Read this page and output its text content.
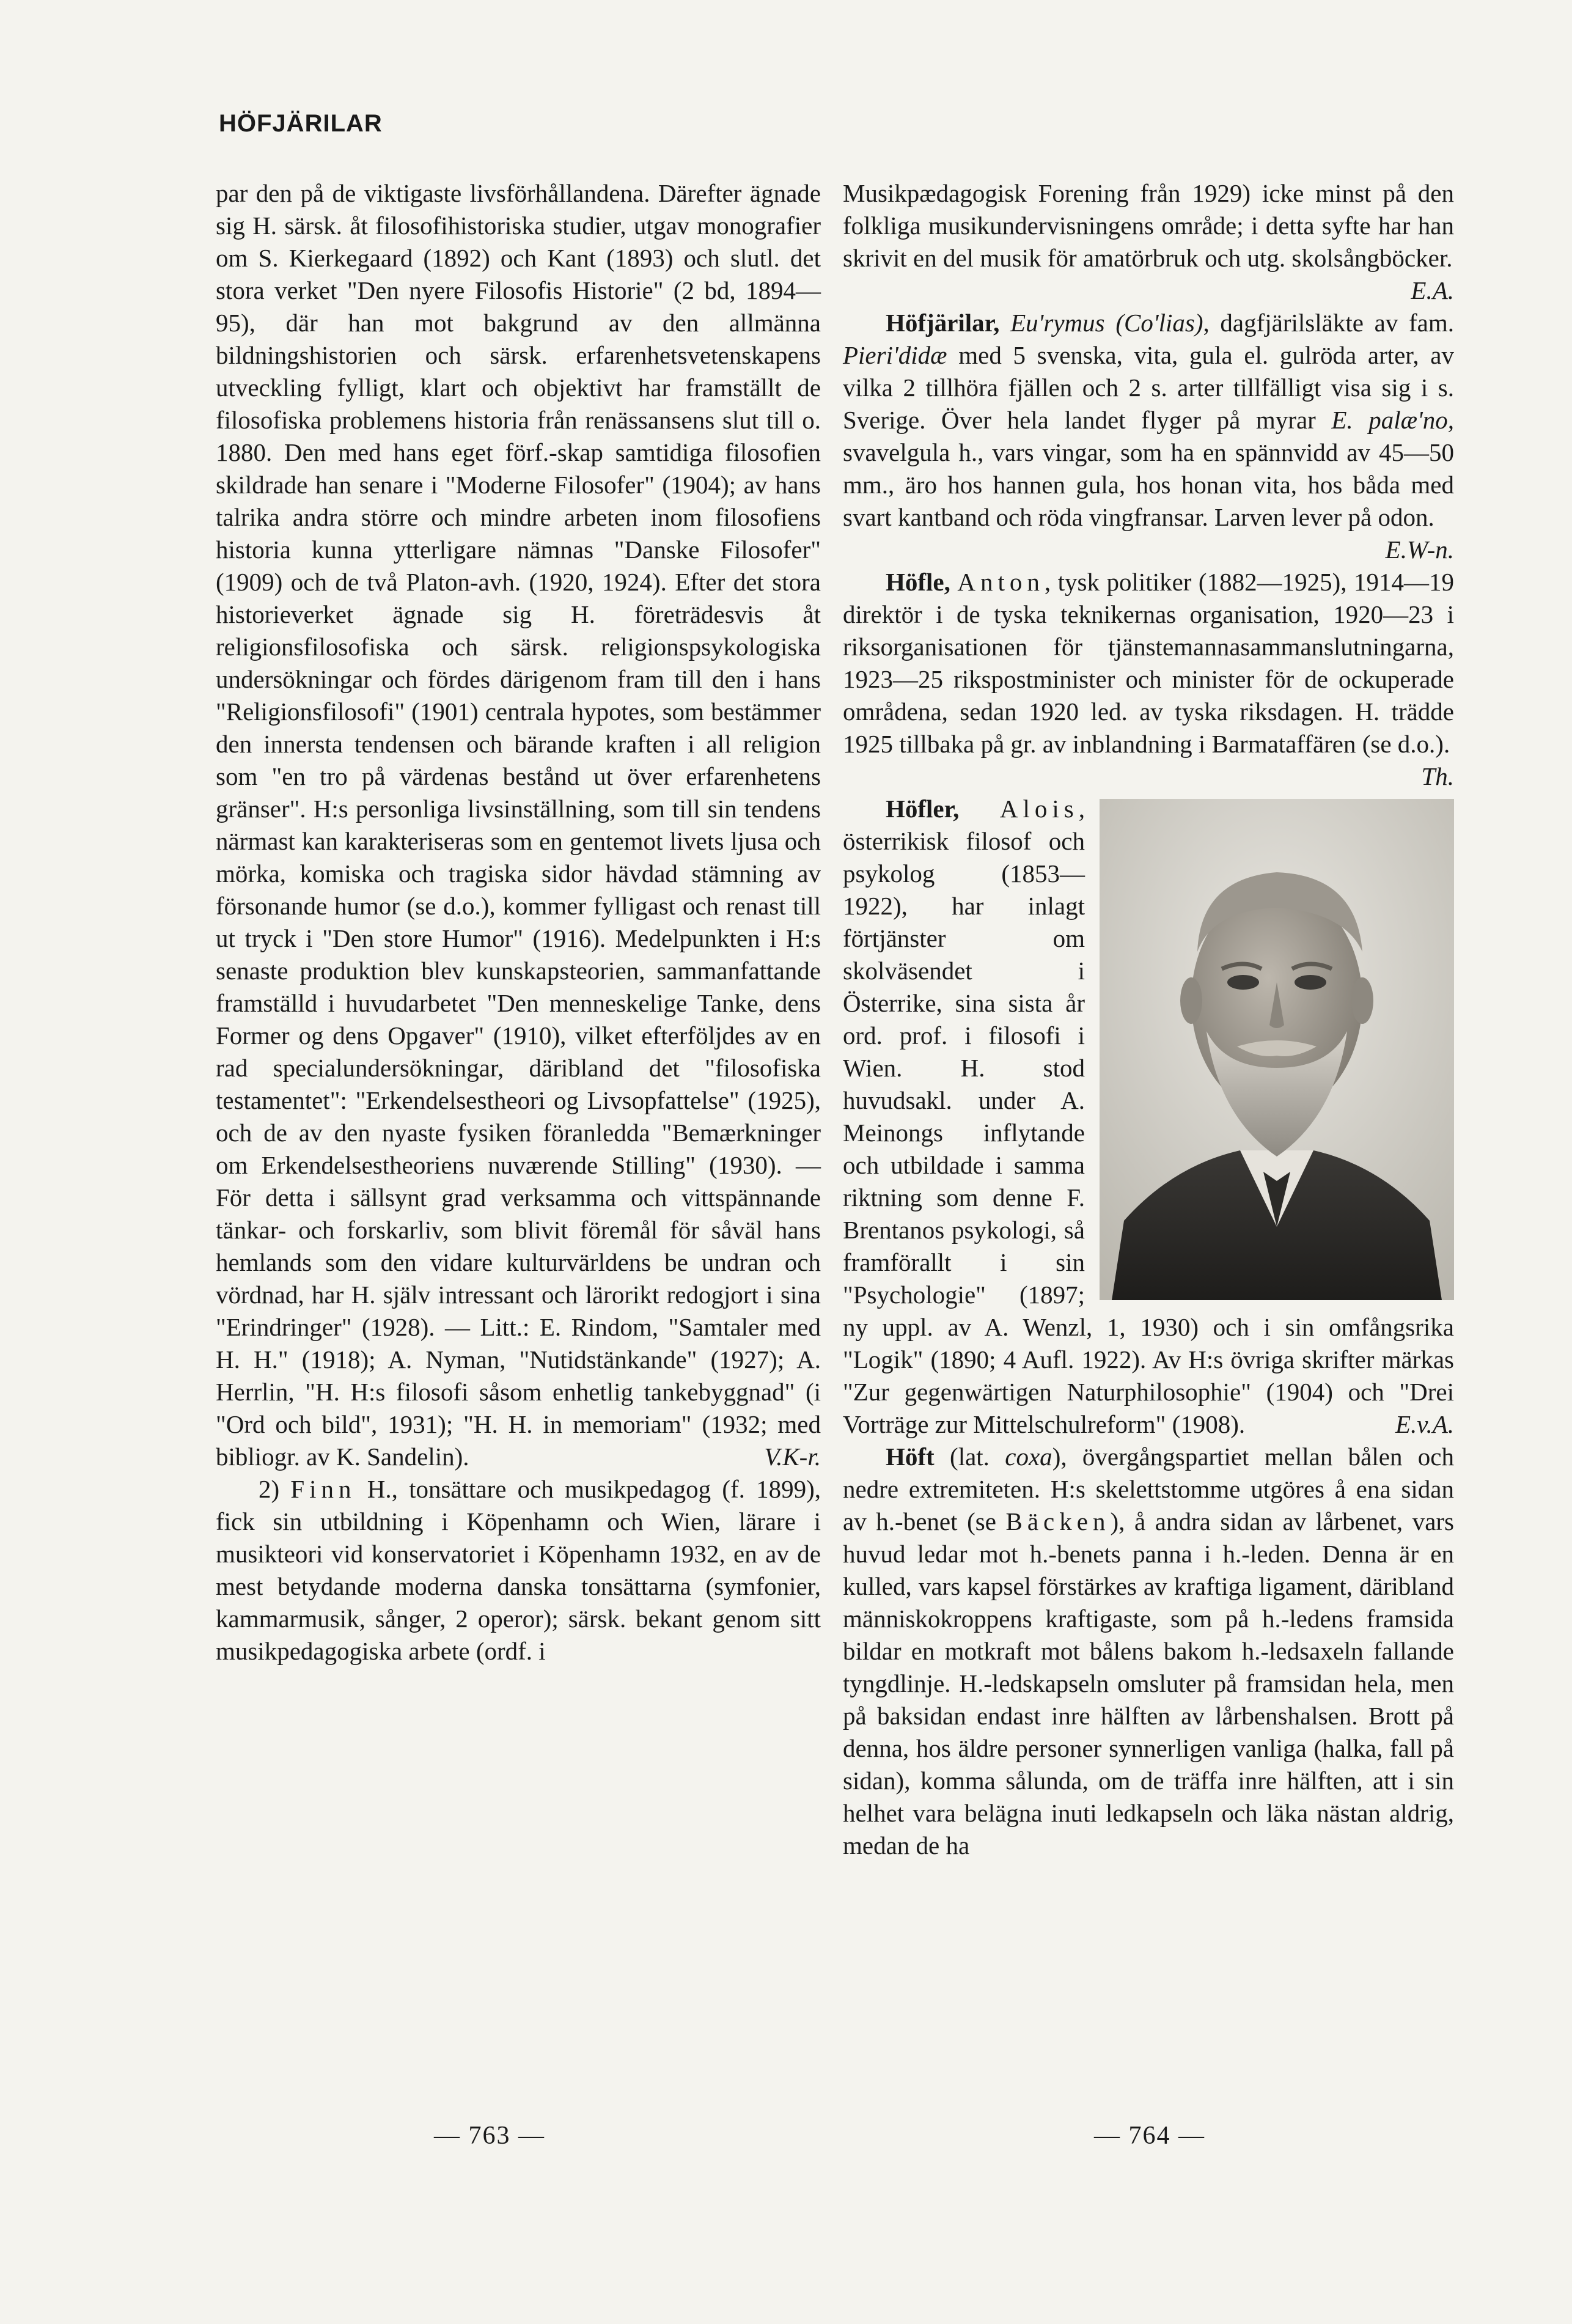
HÖFJÄRILAR

par den på de viktigaste livsförhållandena. Därefter ägnade sig H. särsk. åt filosofihistoriska studier, utgav monografier om S. Kierkegaard (1892) och Kant (1893) och slutl. det stora verket "Den nyere Filosofis Historie" (2 bd, 1894—95), där han mot bakgrund av den allmänna bildningshistorien och särsk. erfarenhetsvetenskapens utveckling fylligt, klart och objektivt har framställt de filosofiska problemens historia från renässansens slut till o. 1880. Den med hans eget förf.-skap samtidiga filosofien skildrade han senare i "Moderne Filosofer" (1904); av hans talrika andra större och mindre arbeten inom filosofiens historia kunna ytterligare nämnas "Danske Filosofer" (1909) och de två Platon-avh. (1920, 1924). Efter det stora historieverket ägnade sig H. företrädesvis åt religionsfilosofiska och särsk. religionspsykologiska undersökningar och fördes därigenom fram till den i hans "Religionsfilosofi" (1901) centrala hypotes, som bestämmer den innersta tendensen och bärande kraften i all religion som "en tro på värdenas bestånd ut över erfarenhetens gränser". H:s personliga livsinställning, som till sin tendens närmast kan karakteriseras som en gentemot livets ljusa och mörka, komiska och tragiska sidor hävdad stämning av försonande humor (se d.o.), kommer fylligast och renast till ut tryck i "Den store Humor" (1916). Medelpunkten i H:s senaste produktion blev kunskapsteorien, sammanfattande framställd i huvudarbetet "Den menneskelige Tanke, dens Former og dens Opgaver" (1910), vilket efterföljdes av en rad specialundersökningar, däribland det "filosofiska testamentet": "Erkendelsestheori og Livsopfattelse" (1925), och de av den nyaste fysiken föranledda "Bemærkninger om Erkendelsestheoriens nuværende Stilling" (1930). — För detta i sällsynt grad verksamma och vittspännande tänkar- och forskarliv, som blivit föremål för såväl hans hemlands som den vidare kulturvärldens be undran och vördnad, har H. själv intressant och lärorikt redogjort i sina "Erindringer" (1928). — Litt.: E. Rindom, "Samtaler med H. H." (1918); A. Nyman, "Nutidstänkande" (1927); A. Herrlin, "H. H:s filosofi såsom enhetlig tankebyggnad" (i "Ord och bild", 1931); "H. H. in memoriam" (1932; med bibliogr. av K. Sandelin).	V.K-r.

2) Finn H., tonsättare och musikpedagog (f. 1899), fick sin utbildning i Köpenhamn och Wien, lärare i musikteori vid konservatoriet i Köpenhamn 1932, en av de mest betydande moderna danska tonsättarna (symfonier, kammarmusik, sånger, 2 operor); särsk. bekant genom sitt musikpedagogiska arbete (ordf. i

Musikpædagogisk Forening från 1929) icke minst på den folkliga musikundervisningens område; i detta syfte har han skrivit en del musik för amatörbruk och utg. skolsångböcker.
E.A.

Höfjärilar, Eu'rymus (Co'lias), dagfjärilsläkte av fam. Pieri'didæ med 5 svenska, vita, gula el. gulröda arter, av vilka 2 tillhöra fjällen och 2 s. arter tillfälligt visa sig i s. Sverige. Över hela landet flyger på myrar E. palæ'no, svavelgula h., vars vingar, som ha en spännvidd av 45—50 mm., äro hos hannen gula, hos honan vita, hos båda med svart kantband och röda vingfransar. Larven lever på odon.
E.W-n.

Höfle, Anton, tysk politiker (1882—1925), 1914—19 direktör i de tyska teknikernas organisation, 1920—23 i riksorganisationen för tjänstemannasammanslutningarna, 1923—25 rikspostminister och minister för de ockuperade områdena, sedan 1920 led. av tyska riksdagen. H. trädde 1925 tillbaka på gr. av inblandning i Barmataffären (se d.o.).
Th.

Höfler, Alois
, österrikisk filosof och psykolog (1853—1922), har inlagt förtjänster om skolväsendet i Österrike, sina sista år ord. prof. i filosofi i Wien. H. stod huvudsakl. under A. Meinongs inflytande och utbildade i samma riktning som denne F. Brentanos psykologi, så framförallt i sin "Psychologie" (1897; ny uppl. av A. Wenzl, 1, 1930) och i sin omfångsrika "Logik" (1890; 4 Aufl. 1922). Av H:s övriga skrifter märkas "Zur gegenwärtigen Naturphilosophie" (1904) och "Drei Vorträge zur Mittelschulreform" (1908).	E.v.A.

Höft (lat. coxa), övergångspartiet mellan bålen och nedre extremiteten. H:s skelettstomme utgöres å ena sidan av h.-benet (se Bäcken), å andra sidan av lårbenet, vars huvud ledar mot h.-benets panna i h.-leden. Denna är en kulled, vars kapsel förstärkes av kraftiga ligament, däribland människokroppens kraftigaste, som på h.-ledens framsida bildar en motkraft mot bålens bakom h.-ledsaxeln fallande tyngdlinje. H.-ledskapseln omsluter på framsidan hela, men på baksidan endast inre hälften av lårbenshalsen. Brott på denna, hos äldre personer synnerligen vanliga (halka, fall på sidan), komma sålunda, om de träffa inre hälften, att i sin helhet vara belägna inuti ledkapseln och läka nästan aldrig, medan de ha

— 763 —	— 764 —
